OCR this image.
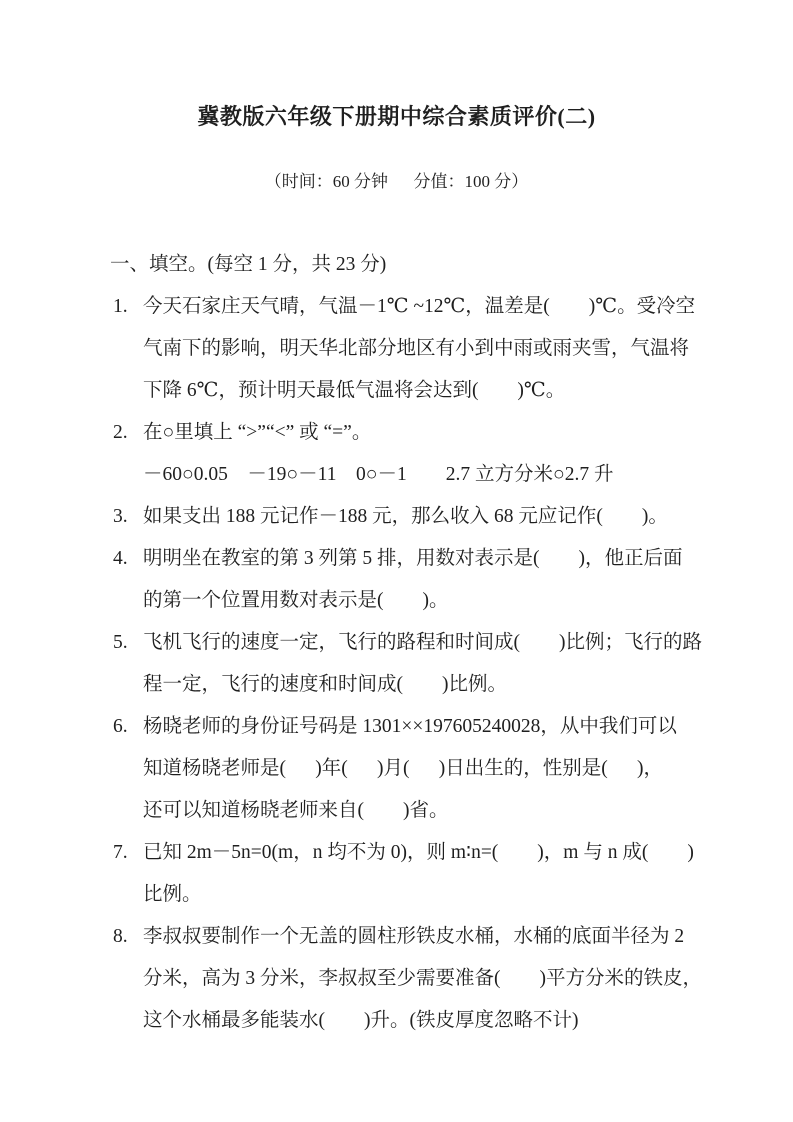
冀教版六年级下册期中综合素质评价(二)
（时间：60 分钟      分值：100 分）
一、填空。(每空 1 分，共 23 分)
1. 今天石家庄天气晴，气温－1℃ ~12℃，温差是(        )℃。受冷空
气南下的影响，明天华北部分地区有小到中雨或雨夹雪，气温将
下降 6℃，预计明天最低气温将会达到(        )℃。
2. 在○里填上 “>”“<” 或 “=”。
－60○0.05    －19○－11    0○－1        2.7 立方分米○2.7 升
3. 如果支出 188 元记作－188 元，那么收入 68 元应记作(        )。
4. 明明坐在教室的第 3 列第 5 排，用数对表示是(        )，他正后面
的第一个位置用数对表示是(        )。
5. 飞机飞行的速度一定，飞行的路程和时间成(        )比例；飞行的路
程一定，飞行的速度和时间成(        )比例。
6. 杨晓老师的身份证号码是 1301××197605240028，从中我们可以
知道杨晓老师是(      )年(      )月(      )日出生的，性别是(      )，
还可以知道杨晓老师来自(        )省。
7. 已知 2m－5n=0(m，n 均不为 0)，则 m∶n=(        )，m 与 n 成(        )
比例。
8. 李叔叔要制作一个无盖的圆柱形铁皮水桶，水桶的底面半径为 2
分米，高为 3 分米，李叔叔至少需要准备(        )平方分米的铁皮，
这个水桶最多能装水(        )升。(铁皮厚度忽略不计)
